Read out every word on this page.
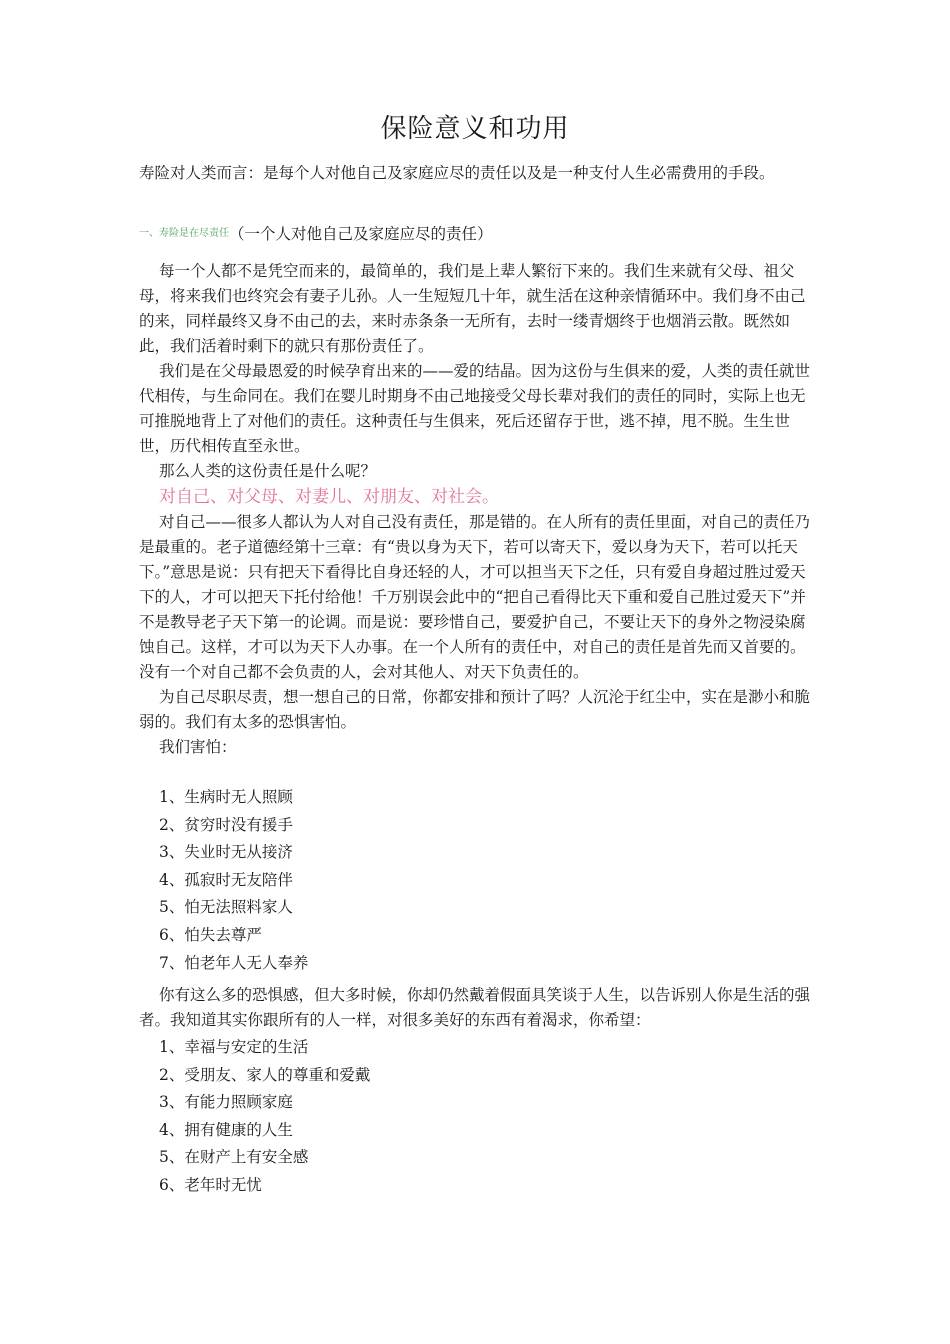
保险意义和功用
寿险对人类而言：是每个人对他自己及家庭应尽的责任以及是一种支付人生必需费用的手段。
$^{一、寿险是在尽责任}$（一个人对他自己及家庭应尽的责任）

每一个人都不是凭空而来的，最简单的，我们是上辈人繁衍下来的。我们生来就有父母、祖父母，将来我们也终究会有妻子儿孙。人一生短短几十年，就生活在这种亲情循环中。我们身不由己的来，同样最终又身不由己的去，来时赤条条一无所有，去时一缕青烟终于也烟消云散。既然如此，我们活着时剩下的就只有那份责任了。

我们是在父母最恩爱的时候孕育出来的——爱的结晶。因为这份与生俱来的爱，人类的责任就世代相传，与生命同在。我们在婴儿时期身不由己地接受父母长辈对我们的责任的同时，实际上也无可推脱地背上了对他们的责任。这种责任与生俱来，死后还留存于世，逃不掉，甩不脱。生生世世，历代相传直至永世。

那么人类的这份责任是什么呢？

对自己、对父母、对妻儿、对朋友、对社会。

对自己——很多人都认为人对自己没有责任，那是错的。在人所有的责任里面，对自己的责任乃是最重的。老子道德经第十三章：有“贵以身为天下，若可以寄天下，爱以身为天下，若可以托天下。”意思是说：只有把天下看得比自身还轻的人，才可以担当天下之任，只有爱自身超过胜过爱天下的人，才可以把天下托付给他！千万别误会此中的“把自己看得比天下重和爱自己胜过爱天下”并不是教导老子天下第一的论调。而是说：要珍惜自己，要爱护自己，不要让天下的身外之物浸染腐蚀自己。这样，才可以为天下人办事。在一个人所有的责任中，对自己的责任是首先而又首要的。没有一个对自己都不会负责的人，会对其他人、对天下负责任的。

为自己尽职尽责，想一想自己的日常，你都安排和预计了吗？人沉沦于红尘中，实在是渺小和脆弱的。我们有太多的恐惧害怕。

我们害怕：

1、生病时无人照顾
2、贫穷时没有援手
3、失业时无从接济
4、孤寂时无友陪伴
5、怕无法照料家人
6、怕失去尊严
7、怕老年人无人奉养

你有这么多的恐惧感，但大多时候，你却仍然戴着假面具笑谈于人生，以告诉别人你是生活的强者。我知道其实你跟所有的人一样，对很多美好的东西有着渴求，你希望：

1、幸福与安定的生活
2、受朋友、家人的尊重和爱戴
3、有能力照顾家庭
4、拥有健康的人生
5、在财产上有安全感
6、老年时无忧
